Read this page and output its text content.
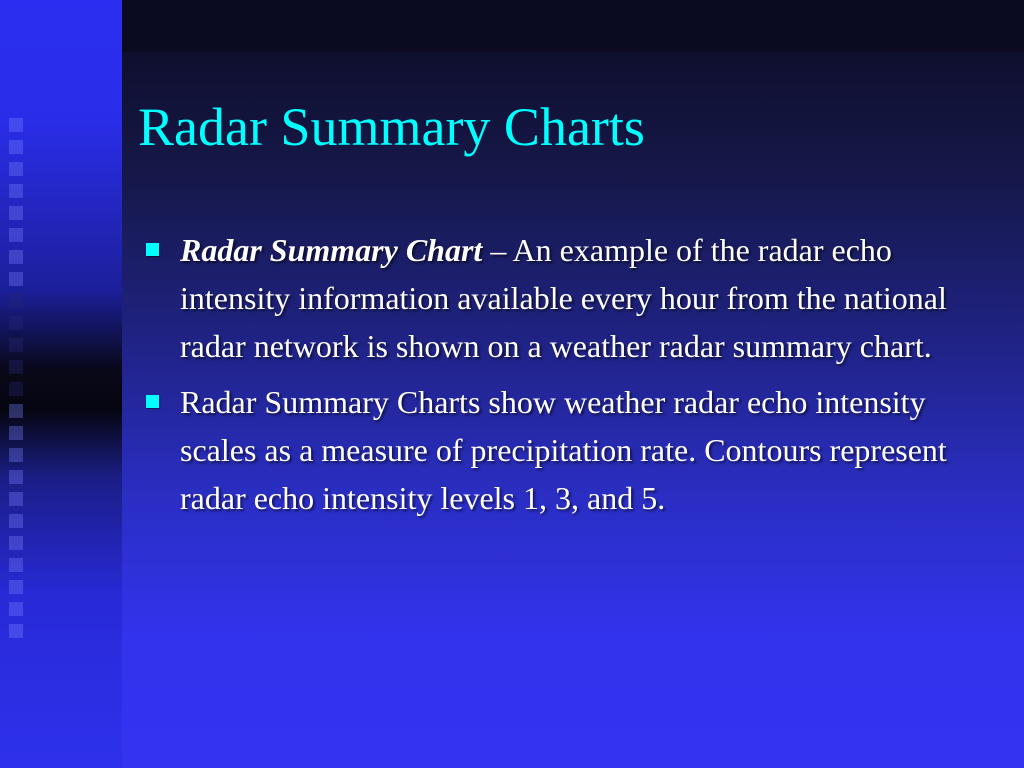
Radar Summary Charts
Radar Summary Chart – An example of the radar echo intensity information available every hour from the national radar network is shown on a weather radar summary chart.
Radar Summary Charts show weather radar echo intensity scales as a measure of precipitation rate. Contours represent radar echo intensity levels 1, 3, and 5.
